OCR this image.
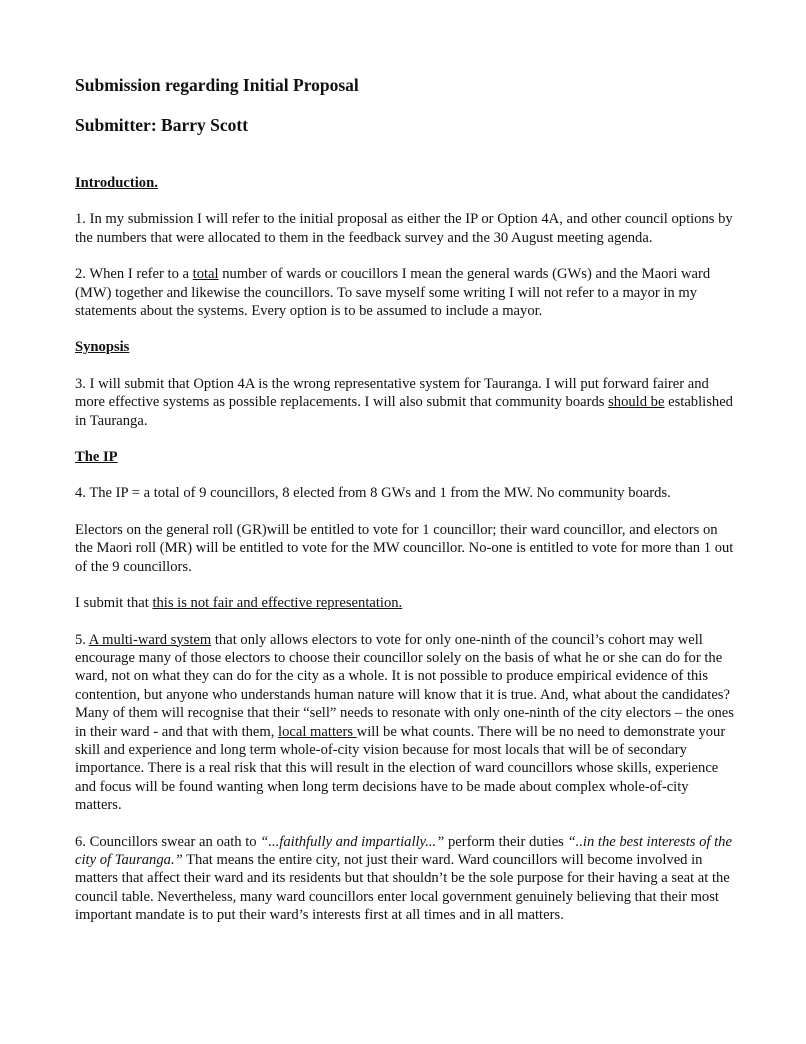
Submission regarding Initial Proposal
Submitter: Barry Scott
Introduction.

1. In my submission I will refer to the initial proposal as either the IP or Option 4A, and other council options by the numbers that were allocated to them in the feedback survey and the 30 August meeting agenda.

2. When I refer to a total number of wards or coucillors I mean the general wards (GWs) and the Maori ward (MW) together and likewise the councillors. To save myself some writing I will not refer to a mayor in my statements about the systems. Every option is to be assumed to include a mayor.

Synopsis

3. I will submit that Option 4A is the wrong representative system for Tauranga. I will put forward fairer and more effective systems as possible replacements. I will also submit that community boards should be established in Tauranga.

The IP

4. The IP = a total of 9 councillors, 8 elected from 8 GWs and 1 from the MW. No community boards.

Electors on the general roll (GR)will be entitled to vote for 1 councillor; their ward councillor, and electors on the Maori roll (MR) will be entitled to vote for the MW councillor. No-one is entitled to vote for more than 1 out of the 9 councillors.

I submit that this is not fair and effective representation.

5. A multi-ward system that only allows electors to vote for only one-ninth of the council’s cohort may well encourage many of those electors to choose their councillor solely on the basis of what he or she can do for the ward, not on what they can do for the city as a whole. It is not possible to produce empirical evidence of this contention, but anyone who understands human nature will know that it is true. And, what about the candidates? Many of them will recognise that their “sell” needs to resonate with only one-ninth of the city electors – the ones in their ward - and that with them, local matters will be what counts. There will be no need to demonstrate your skill and experience and long term whole-of-city vision because for most locals that will be of secondary importance. There is a real risk that this will result in the election of ward councillors whose skills, experience and focus will be found wanting when long term decisions have to be made about complex whole-of-city matters.

6. Councillors swear an oath to “...faithfully and impartially...” perform their duties “..in the best interests of the city of Tauranga.” That means the entire city, not just their ward. Ward councillors will become involved in matters that affect their ward and its residents but that shouldn’t be the sole purpose for their having a seat at the council table. Nevertheless, many ward councillors enter local government genuinely believing that their most important mandate is to put their ward’s interests first at all times and in all matters.
